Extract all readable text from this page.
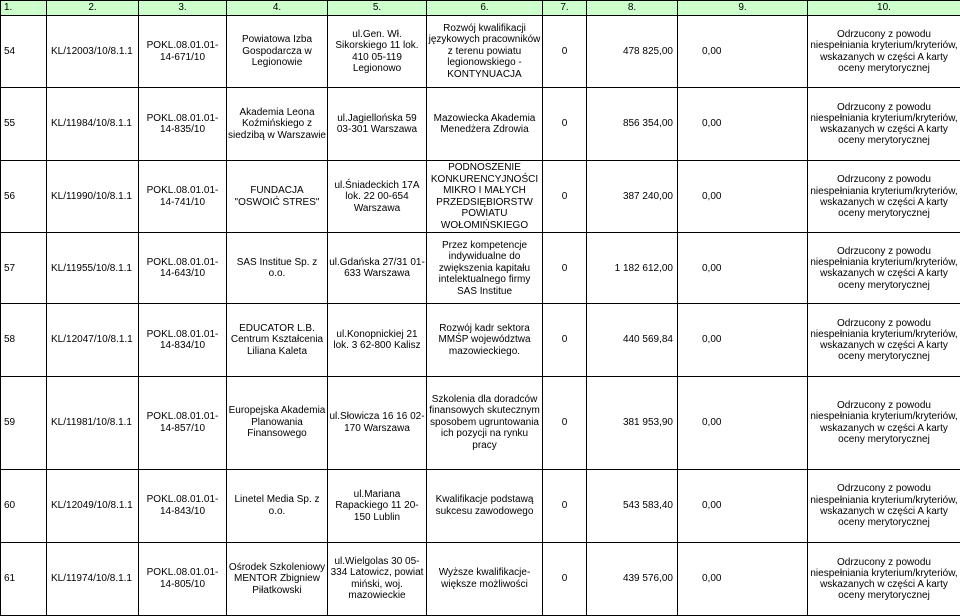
1.	2.	3.	4.	5.	6.	7.	8.	9.	10.
54	KL/12003/10/8.1.1	POKL.08.01.01-14-671/10	Powiatowa Izba Gospodarcza w Legionowie	ul.Gen. Wł. Sikorskiego 11 lok. 410 05-119 Legionowo	Rozwój kwalifikacji językowych pracowników z terenu powiatu legionowskiego - KONTYNUACJA	0	478 825,00	0,00	Odrzucony z powodu niespełniania kryterium/kryteriów, wskazanych w części A karty oceny merytorycznej
55	KL/11984/10/8.1.1	POKL.08.01.01-14-835/10	Akademia Leona Koźmińskiego z siedzibą w Warszawie	ul.Jagiellońska 59 03-301 Warszawa	Mazowiecka Akademia Menedżera Zdrowia	0	856 354,00	0,00	Odrzucony z powodu niespełniania kryterium/kryteriów, wskazanych w części A karty oceny merytorycznej
56	KL/11990/10/8.1.1	POKL.08.01.01-14-741/10	FUNDACJA "OSWOIĆ STRES"	ul.Śniadeckich 17A lok. 22 00-654 Warszawa	PODNOSZENIE KONKURENCYJNOŚCI MIKRO I MAŁYCH PRZEDSIĘBIORSTW POWIATU WOŁOMIŃSKIEGO	0	387 240,00	0,00	Odrzucony z powodu niespełniania kryterium/kryteriów, wskazanych w części A karty oceny merytorycznej
57	KL/11955/10/8.1.1	POKL.08.01.01-14-643/10	SAS Institue Sp. z o.o.	ul.Gdańska 27/31 01-633 Warszawa	Przez kompetencje indywidualne do zwiększenia kapitału intelektualnego firmy SAS Institue	0	1 182 612,00	0,00	Odrzucony z powodu niespełniania kryterium/kryteriów, wskazanych w części A karty oceny merytorycznej
58	KL/12047/10/8.1.1	POKL.08.01.01-14-834/10	EDUCATOR L.B. Centrum Kształcenia Liliana Kaleta	ul.Konopnickiej 21 lok. 3 62-800 Kalisz	Rozwój kadr sektora MMŚP województwa mazowieckiego.	0	440 569,84	0,00	Odrzucony z powodu niespełniania kryterium/kryteriów, wskazanych w części A karty oceny merytorycznej
59	KL/11981/10/8.1.1	POKL.08.01.01-14-857/10	Europejska Akademia Planowania Finansowego	ul.Słowicza 16 16 02-170 Warszawa	Szkolenia dla doradców finansowych skutecznym sposobem ugruntowania ich pozycji na rynku pracy	0	381 953,90	0,00	Odrzucony z powodu niespełniania kryterium/kryteriów, wskazanych w części A karty oceny merytorycznej
60	KL/12049/10/8.1.1	POKL.08.01.01-14-843/10	Linetel Media Sp. z o.o.	ul.Mariana Rapackiego 11 20-150 Lublin	Kwalifikacje podstawą sukcesu zawodowego	0	543 583,40	0,00	Odrzucony z powodu niespełniania kryterium/kryteriów, wskazanych w części A karty oceny merytorycznej
61	KL/11974/10/8.1.1	POKL.08.01.01-14-805/10	Ośrodek Szkoleniowy MENTOR Zbigniew Piłatkowski	ul.Wielgolas 30 05-334 Latowicz, powiat miński, woj. mazowieckie	Wyższe kwalifikacje-większe możliwości	0	439 576,00	0,00	Odrzucony z powodu niespełniania kryterium/kryteriów, wskazanych w części A karty oceny merytorycznej
